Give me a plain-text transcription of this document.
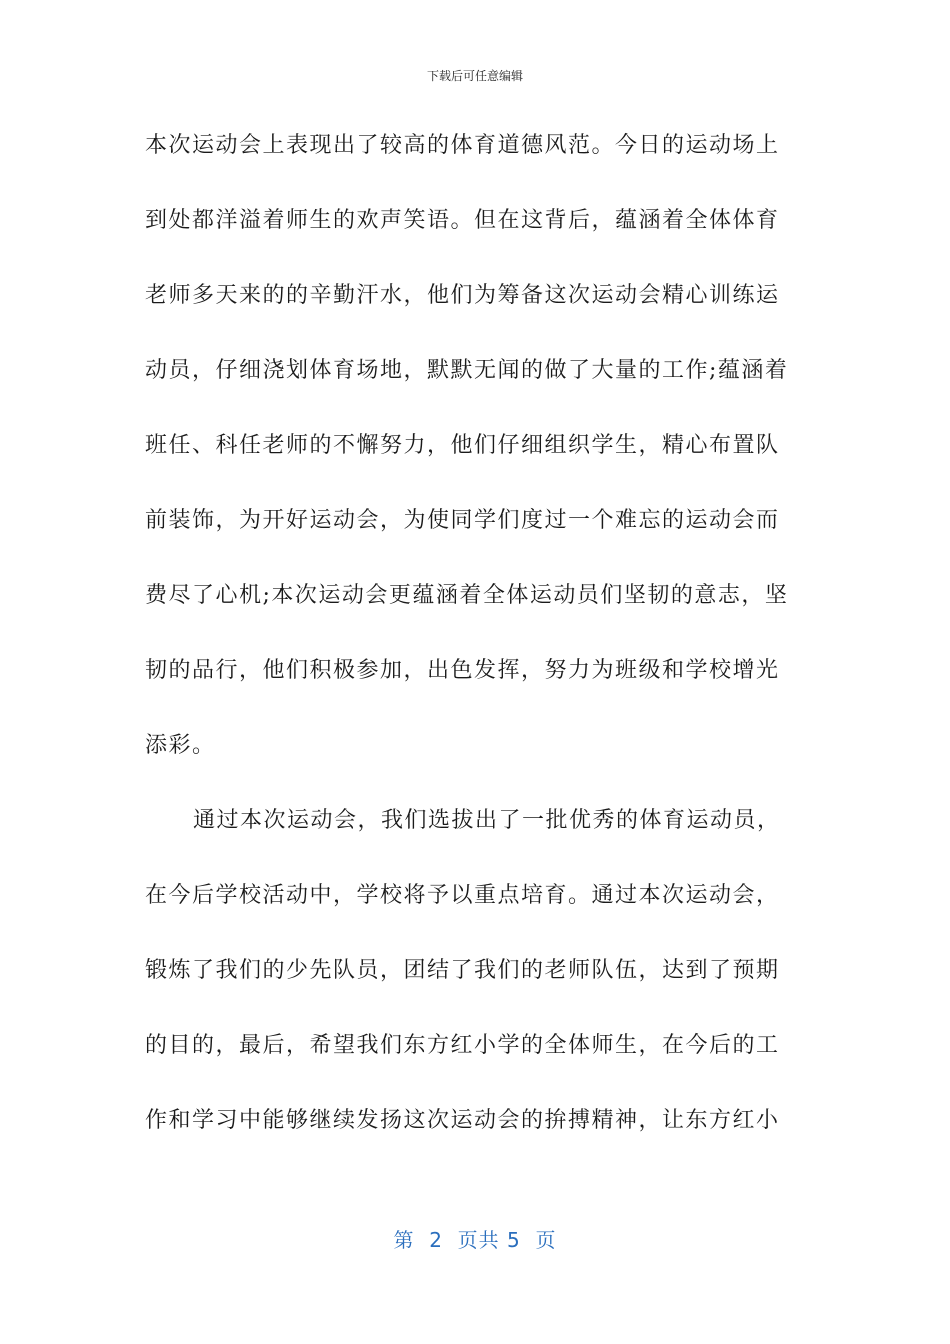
下载后可任意编辑
本次运动会上表现出了较高的体育道德风范。今日的运动场上
到处都洋溢着师生的欢声笑语。但在这背后，蕴涵着全体体育
老师多天来的的辛勤汗水，他们为筹备这次运动会精心训练运
动员，仔细浇划体育场地，默默无闻的做了大量的工作;蕴涵着
班任、科任老师的不懈努力，他们仔细组织学生，精心布置队
前装饰，为开好运动会，为使同学们度过一个难忘的运动会而
费尽了心机;本次运动会更蕴涵着全体运动员们坚韧的意志，坚
韧的品行，他们积极参加，出色发挥，努力为班级和学校增光
添彩。
通过本次运动会，我们选拔出了一批优秀的体育运动员，
在今后学校活动中，学校将予以重点培育。通过本次运动会，
锻炼了我们的少先队员，团结了我们的老师队伍，达到了预期
的目的，最后，希望我们东方红小学的全体师生，在今后的工
作和学习中能够继续发扬这次运动会的拚搏精神，让东方红小
第  2  页共 5  页
